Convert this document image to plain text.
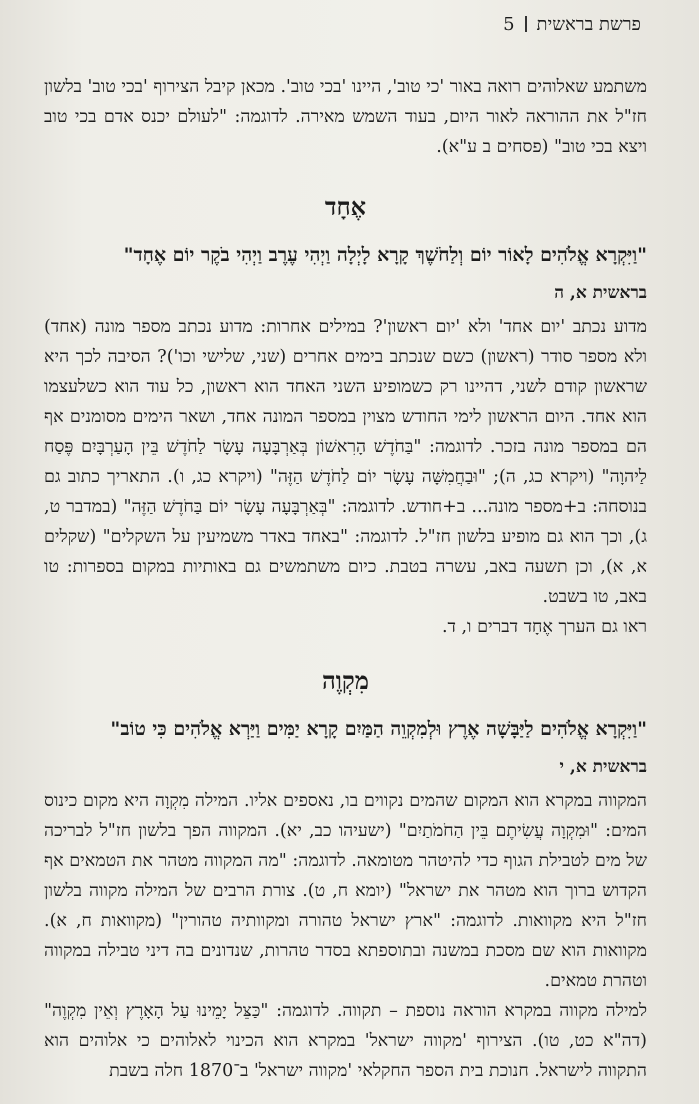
פרשת בראשית
5

משתמע שאלוהים רואה באור 'כי טוב', היינו 'בכי טוב'. מכאן קיבל הצירוף 'בכי טוב' בלשון חז"ל את ההוראה לאור היום, בעוד השמש מאירה. לדוגמה: "לעולם יכנס אדם בכי טוב ויצא בכי טוב" (פסחים ב ע"א).

אֶחָד
"וַיִּקְרָא אֱלֹהִים לָאוֹר יוֹם וְלַחֹשֶׁךְ קָרָא לָיְלָה וַיְהִי עֶרֶב וַיְהִי בֹקֶר יוֹם אֶחָד"
בראשית א, ה

מדוע נכתב 'יום אחד' ולא 'יום ראשון'? במילים אחרות: מדוע נכתב מספר מונה (אחד) ולא מספר סודר (ראשון) כשם שנכתב בימים אחרים (שני, שלישי וכו')? הסיבה לכך היא שראשון קודם לשני, דהיינו רק כשמופיע השני האחד הוא ראשון, כל עוד הוא כשלעצמו הוא אחד. היום הראשון לימי החודש מצוין במספר המונה אחד, ושאר הימים מסומנים אף הם במספר מונה בזכר. לדוגמה: "בַּחֹדֶשׁ הָרִאשׁוֹן בְּאַרְבָּעָה עָשָׂר לַחֹדֶשׁ בֵּין הָעַרְבָּיִם פֶּסַח לַיהוָה" (ויקרא כג, ה); "וּבַחֲמִשָּׁה עָשָׂר יוֹם לַחֹדֶשׁ הַזֶּה" (ויקרא כג, ו). התאריך כתוב גם בנוסחה: ב+מספר מונה... ב+חודש. לדוגמה: "בְּאַרְבָּעָה עָשָׂר יוֹם בַּחֹדֶשׁ הַזֶּה" (במדבר ט, ג), וכך הוא גם מופיע בלשון חז"ל. לדוגמה: "באחד באדר משמיעין על השקלים" (שקלים א, א), וכן תשעה באב, עשרה בטבת. כיום משתמשים גם באותיות במקום בספרות: טו באב, טו בשבט.

ראו גם הערך אֶחָד דברים ו, ד.

מִקְוֶה
"וַיִּקְרָא אֱלֹהִים לַיַּבָּשָׁה אֶרֶץ וּלְמִקְוֵה הַמַּיִם קָרָא יַמִּים וַיַּרְא אֱלֹהִים כִּי טוֹב"
בראשית א, י

המקווה במקרא הוא המקום שהמים נקווים בו, נאספים אליו. המילה מִקְוָה היא מקום כינוס המים: "וּמִקְוָה עֲשִׂיתֶם בֵּין הַחֹמֹתַיִם" (ישעיהו כב, יא). המקווה הפך בלשון חז"ל לבריכה של מים לטבילת הגוף כדי להיטהר מטומאה. לדוגמה: "מה המקווה מטהר את הטמאים אף הקדוש ברוך הוא מטהר את ישראל" (יומא ח, ט). צורת הרבים של המילה מקווה בלשון חז"ל היא מקוואות. לדוגמה: "ארץ ישראל טהורה ומקוותיה טהורין" (מקוואות ח, א). מקוואות הוא שם מסכת במשנה ובתוספתא בסדר טהרות, שנדונים בה דיני טבילה במקווה וטהרת טמאים.

למילה מקווה במקרא הוראה נוספת – תקווה. לדוגמה: "כַּצֵּל יָמֵינוּ עַל הָאָרֶץ וְאֵין מִקְוֶה" (דה"א כט, טו). הצירוף 'מקווה ישראל' במקרא הוא הכינוי לאלוהים כי אלוהים הוא התקווה לישראל. חנוכת בית הספר החקלאי 'מקווה ישראל' ב־1870 חלה בשבת
